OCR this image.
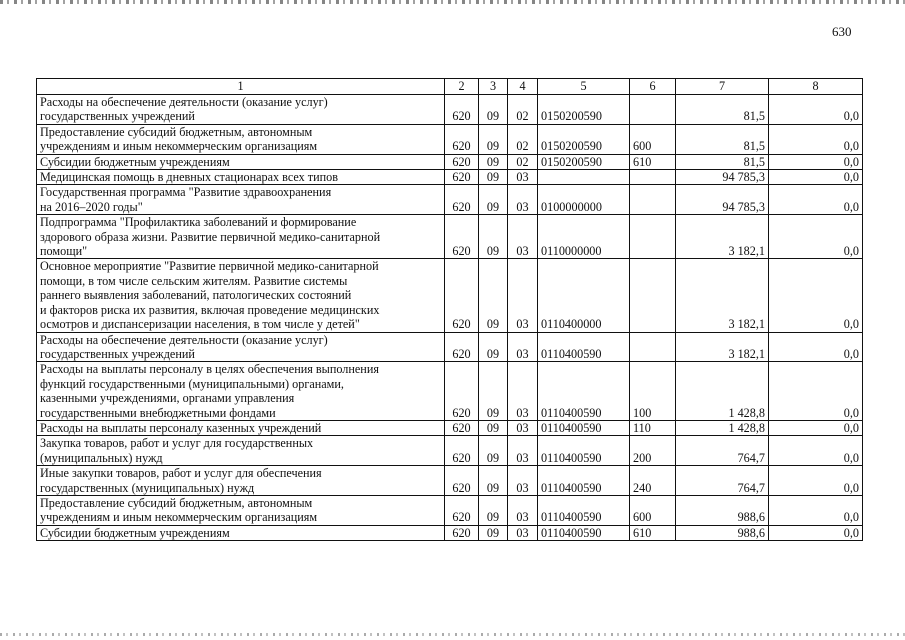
630
1	2	3	4	5	6	7	8
Расходы на обеспечение деятельности (оказание услуг)
государственных учреждений	620	09	02	0150200590		81,5	0,0
Предоставление субсидий бюджетным, автономным
учреждениям и иным некоммерческим организациям	620	09	02	0150200590	600	81,5	0,0
Субсидии бюджетным учреждениям	620	09	02	0150200590	610	81,5	0,0
Медицинская помощь в дневных стационарах всех типов	620	09	03			94 785,3	0,0
Государственная программа "Развитие здравоохранения
на 2016–2020 годы"	620	09	03	0100000000		94 785,3	0,0
Подпрограмма "Профилактика заболеваний и формирование
здорового образа жизни. Развитие первичной медико-санитарной
помощи"	620	09	03	0110000000		3 182,1	0,0
Основное мероприятие "Развитие первичной медико-санитарной
помощи, в том числе сельским жителям. Развитие системы
раннего выявления заболеваний, патологических состояний
и факторов риска их развития, включая проведение медицинских
осмотров и диспансеризации населения, в том числе у детей"	620	09	03	0110400000		3 182,1	0,0
Расходы на обеспечение деятельности (оказание услуг)
государственных учреждений	620	09	03	0110400590		3 182,1	0,0
Расходы на выплаты персоналу в целях обеспечения выполнения
функций государственными (муниципальными) органами,
казенными учреждениями, органами управления
государственными внебюджетными фондами	620	09	03	0110400590	100	1 428,8	0,0
Расходы на выплаты персоналу казенных учреждений	620	09	03	0110400590	110	1 428,8	0,0
Закупка товаров, работ и услуг для государственных
(муниципальных) нужд	620	09	03	0110400590	200	764,7	0,0
Иные закупки товаров, работ и услуг для обеспечения
государственных (муниципальных) нужд	620	09	03	0110400590	240	764,7	0,0
Предоставление субсидий бюджетным, автономным
учреждениям и иным некоммерческим организациям	620	09	03	0110400590	600	988,6	0,0
Субсидии бюджетным учреждениям	620	09	03	0110400590	610	988,6	0,0
